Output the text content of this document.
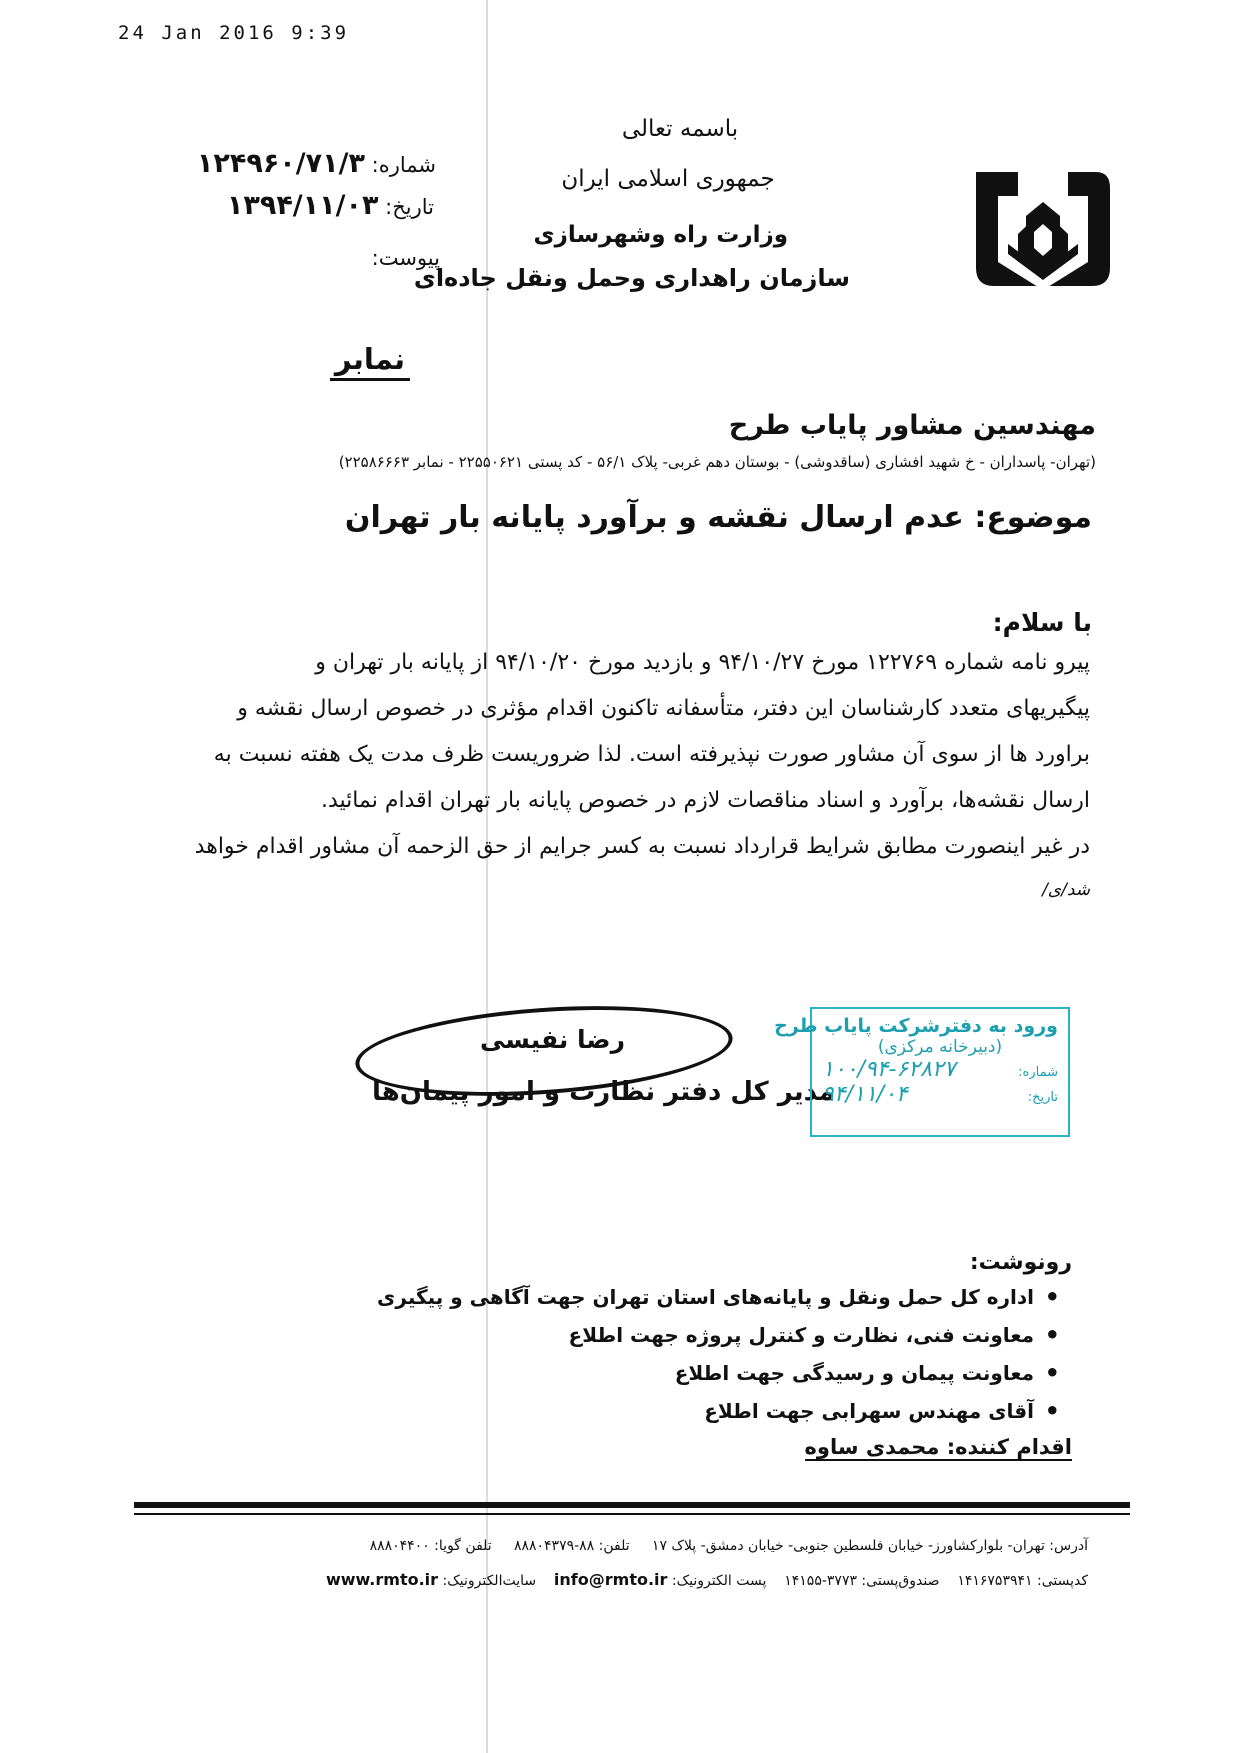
24 Jan 2016 9:39
باسمه تعالی
جمهوری اسلامی ایران
وزارت راه وشهرسازی
سازمان راهداری وحمل ونقل جاده‌ای
شماره: ۱۲۴۹۶۰/۷۱/۳
تاریخ: ۱۳۹۴/۱۱/۰۳
پیوست:
نمابر
مهندسین مشاور پایاب طرح
(تهران- پاسداران - خ شهید افشاری (ساقدوشی) - بوستان دهم غربی- پلاک ۵۶/۱ - کد پستی ۲۲۵۵۰۶۲۱ - نمابر ۲۲۵۸۶۶۶۳)
موضوع: عدم ارسال نقشه و برآورد پایانه بار تهران
با سلام:
پیرو نامه شماره ۱۲۲۷۶۹ مورخ ۹۴/۱۰/۲۷ و بازدید مورخ ۹۴/۱۰/۲۰ از پایانه بار تهران و
پیگیریهای متعدد کارشناسان این دفتر، متأسفانه تاکنون اقدام مؤثری در خصوص ارسال نقشه و
براورد ها از سوی آن مشاور صورت نپذیرفته است. لذا ضروریست ظرف مدت یک هفته نسبت به
ارسال نقشه‌ها، برآورد و اسناد مناقصات لازم در خصوص پایانه بار تهران اقدام نمائید.
در غیر اینصورت مطابق شرایط قرارداد نسبت به کسر جرایم از حق الزحمه آن مشاور اقدام خواهد
شد/ی/
رضا نفیسی
مدیر کل دفتر نظارت و امور پیمان‌ها
ورود به دفترشرکت پایاب طرح
(دبیرخانه مرکزی)
شماره:
۱۰۰/۹۴-۶۲۸۲۷
تاریخ:
۹۴/۱۱/۰۴
رونوشت:
• اداره کل حمل ونقل و پایانه‌های استان تهران جهت آگاهی و پیگیری
• معاونت فنی، نظارت و کنترل پروژه جهت اطلاع
• معاونت پیمان و رسیدگی جهت اطلاع
• آقای مهندس سهرابی جهت اطلاع
اقدام کننده: محمدی ساوه
آدرس: تهران- بلوارکشاورز- خیابان فلسطین جنوبی- خیابان دمشق- پلاک ۱۷     تلفن: ۸۸-۸۸۸۰۴۳۷۹     تلفن گویا: ۸۸۸۰۴۴۰۰
کدپستی: ۱۴۱۶۷۵۳۹۴۱    صندوق‌پستی: ۳۷۷۳-۱۴۱۵۵    پست الکترونیک: info@rmto.ir    سایت‌الکترونیک: www.rmto.ir
